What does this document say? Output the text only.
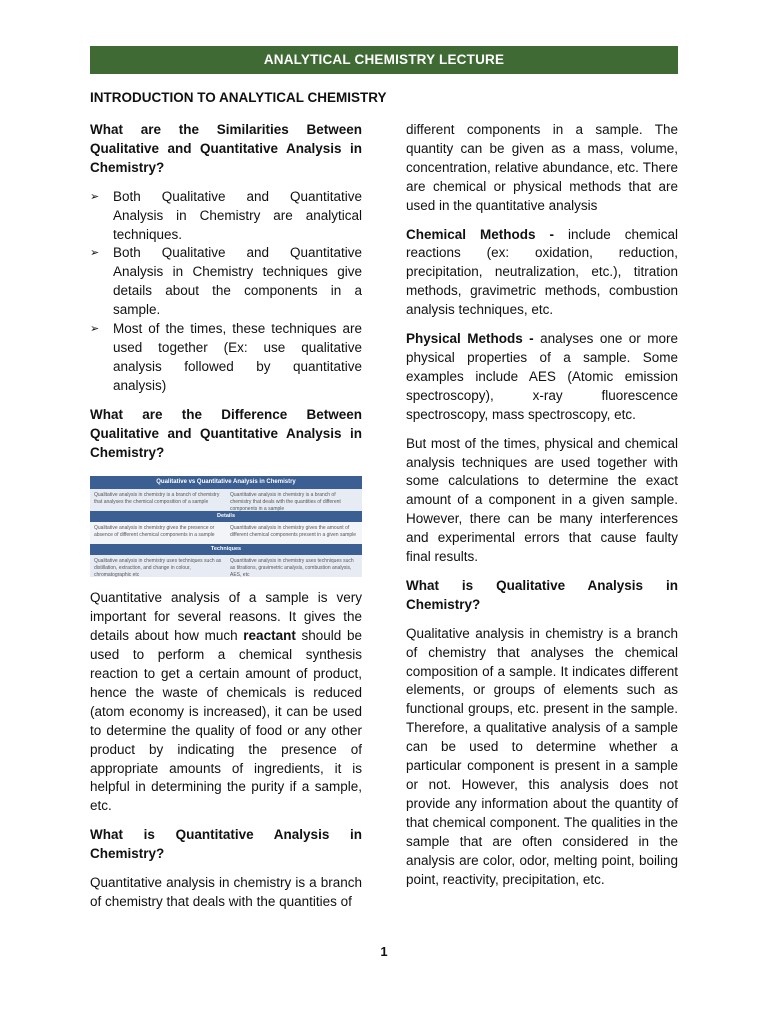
ANALYTICAL CHEMISTRY LECTURE
INTRODUCTION TO ANALYTICAL CHEMISTRY
What are the Similarities Between Qualitative and Quantitative Analysis in Chemistry?
➢ Both Qualitative and Quantitative Analysis in Chemistry are analytical techniques.
➢ Both Qualitative and Quantitative Analysis in Chemistry techniques give details about the components in a sample.
➢ Most of the times, these techniques are used together (Ex: use qualitative analysis followed by quantitative analysis)
What are the Difference Between Qualitative and Quantitative Analysis in Chemistry?
Qualitative vs Quantitative Analysis in Chemistry
Qualitative analysis in chemistry is a branch of chemistry that analyses the chemical composition of a sample
Quantitative analysis in chemistry is a branch of chemistry that deals with the quantities of different components in a sample
Details
Qualitative analysis in chemistry gives the presence or absence of different chemical components in a sample
Quantitative analysis in chemistry gives the amount of different chemical components present in a given sample
Techniques
Qualitative analysis in chemistry uses techniques such as distillation, extraction, and change in colour, chromatographic etc
Quantitative analysis in chemistry uses techniques such as titrations, gravimetric analysis, combustion analysis, AES, etc

Quantitative analysis of a sample is very important for several reasons. It gives the details about how much reactant should be used to perform a chemical synthesis reaction to get a certain amount of product, hence the waste of chemicals is reduced (atom economy is increased), it can be used to determine the quality of food or any other product by indicating the presence of appropriate amounts of ingredients, it is helpful in determining the purity if a sample, etc.

What is Quantitative Analysis in Chemistry?

Quantitative analysis in chemistry is a branch of chemistry that deals with the quantities of

different components in a sample. The quantity can be given as a mass, volume, concentration, relative abundance, etc. There are chemical or physical methods that are used in the quantitative analysis

Chemical Methods - include chemical reactions (ex: oxidation, reduction, precipitation, neutralization, etc.), titration methods, gravimetric methods, combustion analysis techniques, etc.

Physical Methods - analyses one or more physical properties of a sample. Some examples include AES (Atomic emission spectroscopy), x-ray fluorescence spectroscopy, mass spectroscopy, etc.

But most of the times, physical and chemical analysis techniques are used together with some calculations to determine the exact amount of a component in a given sample. However, there can be many interferences and experimental errors that cause faulty final results.

What is Qualitative Analysis in Chemistry?

Qualitative analysis in chemistry is a branch of chemistry that analyses the chemical composition of a sample. It indicates different elements, or groups of elements such as functional groups, etc. present in the sample. Therefore, a qualitative analysis of a sample can be used to determine whether a particular component is present in a sample or not. However, this analysis does not provide any information about the quantity of that chemical component. The qualities in the sample that are often considered in the analysis are color, odor, melting point, boiling point, reactivity, precipitation, etc.

1
